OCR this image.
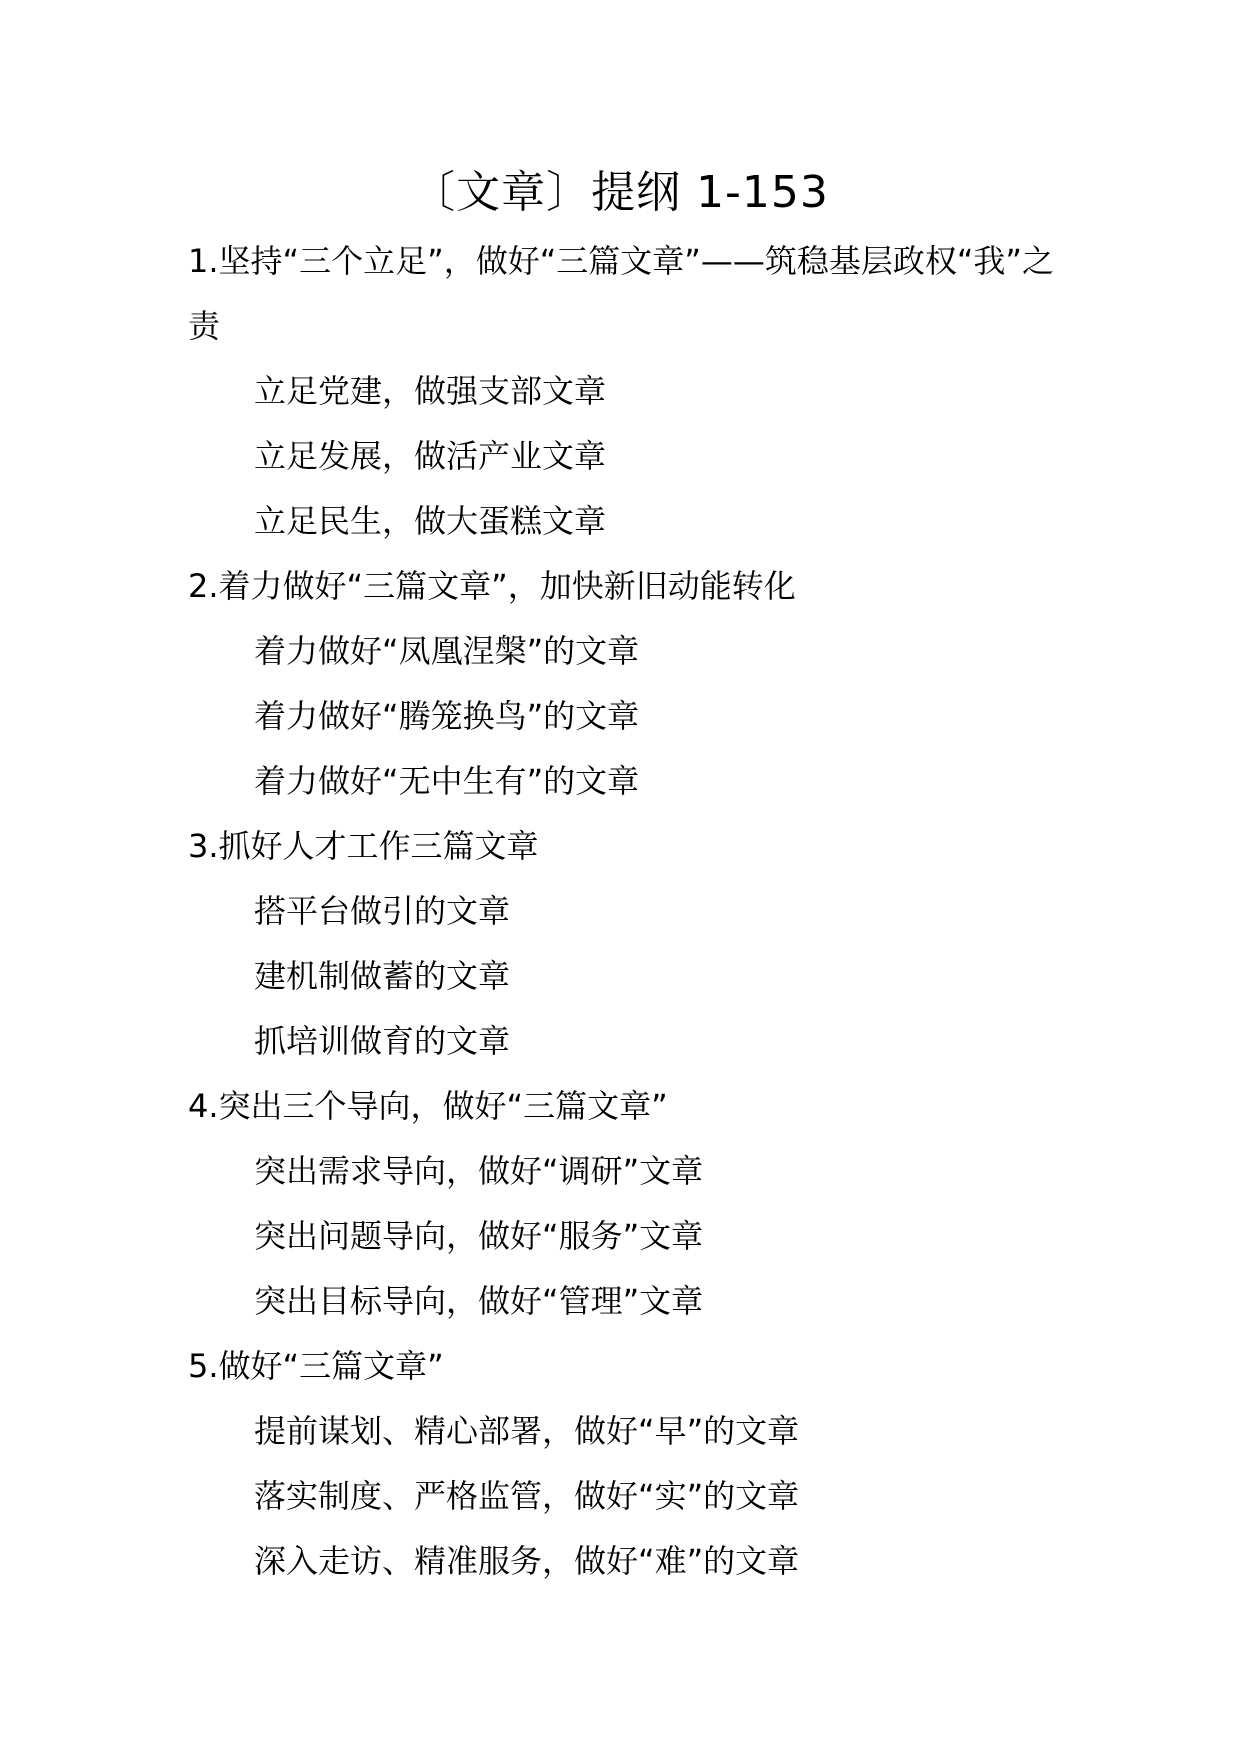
〔文章〕提纲 1-153

1.坚持“三个立足”，做好“三篇文章”——筑稳基层政权“我”之责

立足党建，做强支部文章

立足发展，做活产业文章

立足民生，做大蛋糕文章

2.着力做好“三篇文章”，加快新旧动能转化

着力做好“凤凰涅槃”的文章

着力做好“腾笼换鸟”的文章

着力做好“无中生有”的文章

3.抓好人才工作三篇文章

搭平台做引的文章

建机制做蓄的文章

抓培训做育的文章

4.突出三个导向，做好“三篇文章”

突出需求导向，做好“调研”文章

突出问题导向，做好“服务”文章

突出目标导向，做好“管理”文章

5.做好“三篇文章”

提前谋划、精心部署，做好“早”的文章

落实制度、严格监管，做好“实”的文章

深入走访、精准服务，做好“难”的文章
